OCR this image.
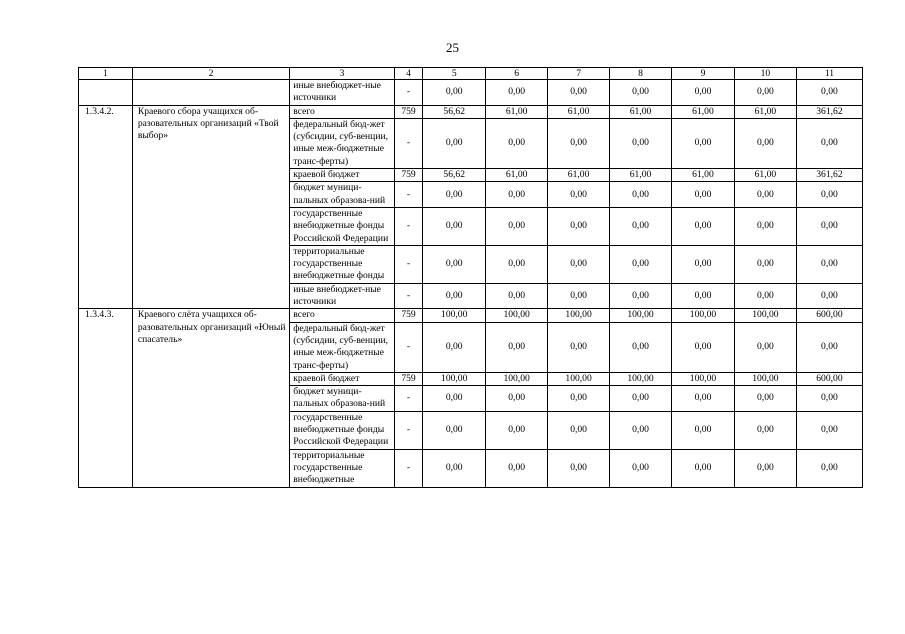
25
1	2	3	4	5	6	7	8	9	10	11
		иные внебюджет-ные источники	-	0,00	0,00	0,00	0,00	0,00	0,00	0,00
1.3.4.2.	Краевого сбора учащихся об-разовательных организаций «Твой выбор»	всего	759	56,62	61,00	61,00	61,00	61,00	61,00	361,62
		федеральный бюд-жет (субсидии, суб-венции, иные меж-бюджетные транс-ферты)	-	0,00	0,00	0,00	0,00	0,00	0,00	0,00
		краевой бюджет	759	56,62	61,00	61,00	61,00	61,00	61,00	361,62
		бюджет муници-пальных образова-ний	-	0,00	0,00	0,00	0,00	0,00	0,00	0,00
		государственные внебюджетные фонды Российской Федерации	-	0,00	0,00	0,00	0,00	0,00	0,00	0,00
		территориальные государственные внебюджетные фонды	-	0,00	0,00	0,00	0,00	0,00	0,00	0,00
		иные внебюджет-ные источники	-	0,00	0,00	0,00	0,00	0,00	0,00	0,00
1.3.4.3.	Краевого слёта учащихся об-разовательных организаций «Юный спасатель»	всего	759	100,00	100,00	100,00	100,00	100,00	100,00	600,00
		федеральный бюд-жет (субсидии, суб-венции, иные меж-бюджетные транс-ферты)	-	0,00	0,00	0,00	0,00	0,00	0,00	0,00
		краевой бюджет	759	100,00	100,00	100,00	100,00	100,00	100,00	600,00
		бюджет муници-пальных образова-ний	-	0,00	0,00	0,00	0,00	0,00	0,00	0,00
		государственные внебюджетные фонды Российской Федерации	-	0,00	0,00	0,00	0,00	0,00	0,00	0,00
		территориальные государственные внебюджетные	-	0,00	0,00	0,00	0,00	0,00	0,00	0,00
